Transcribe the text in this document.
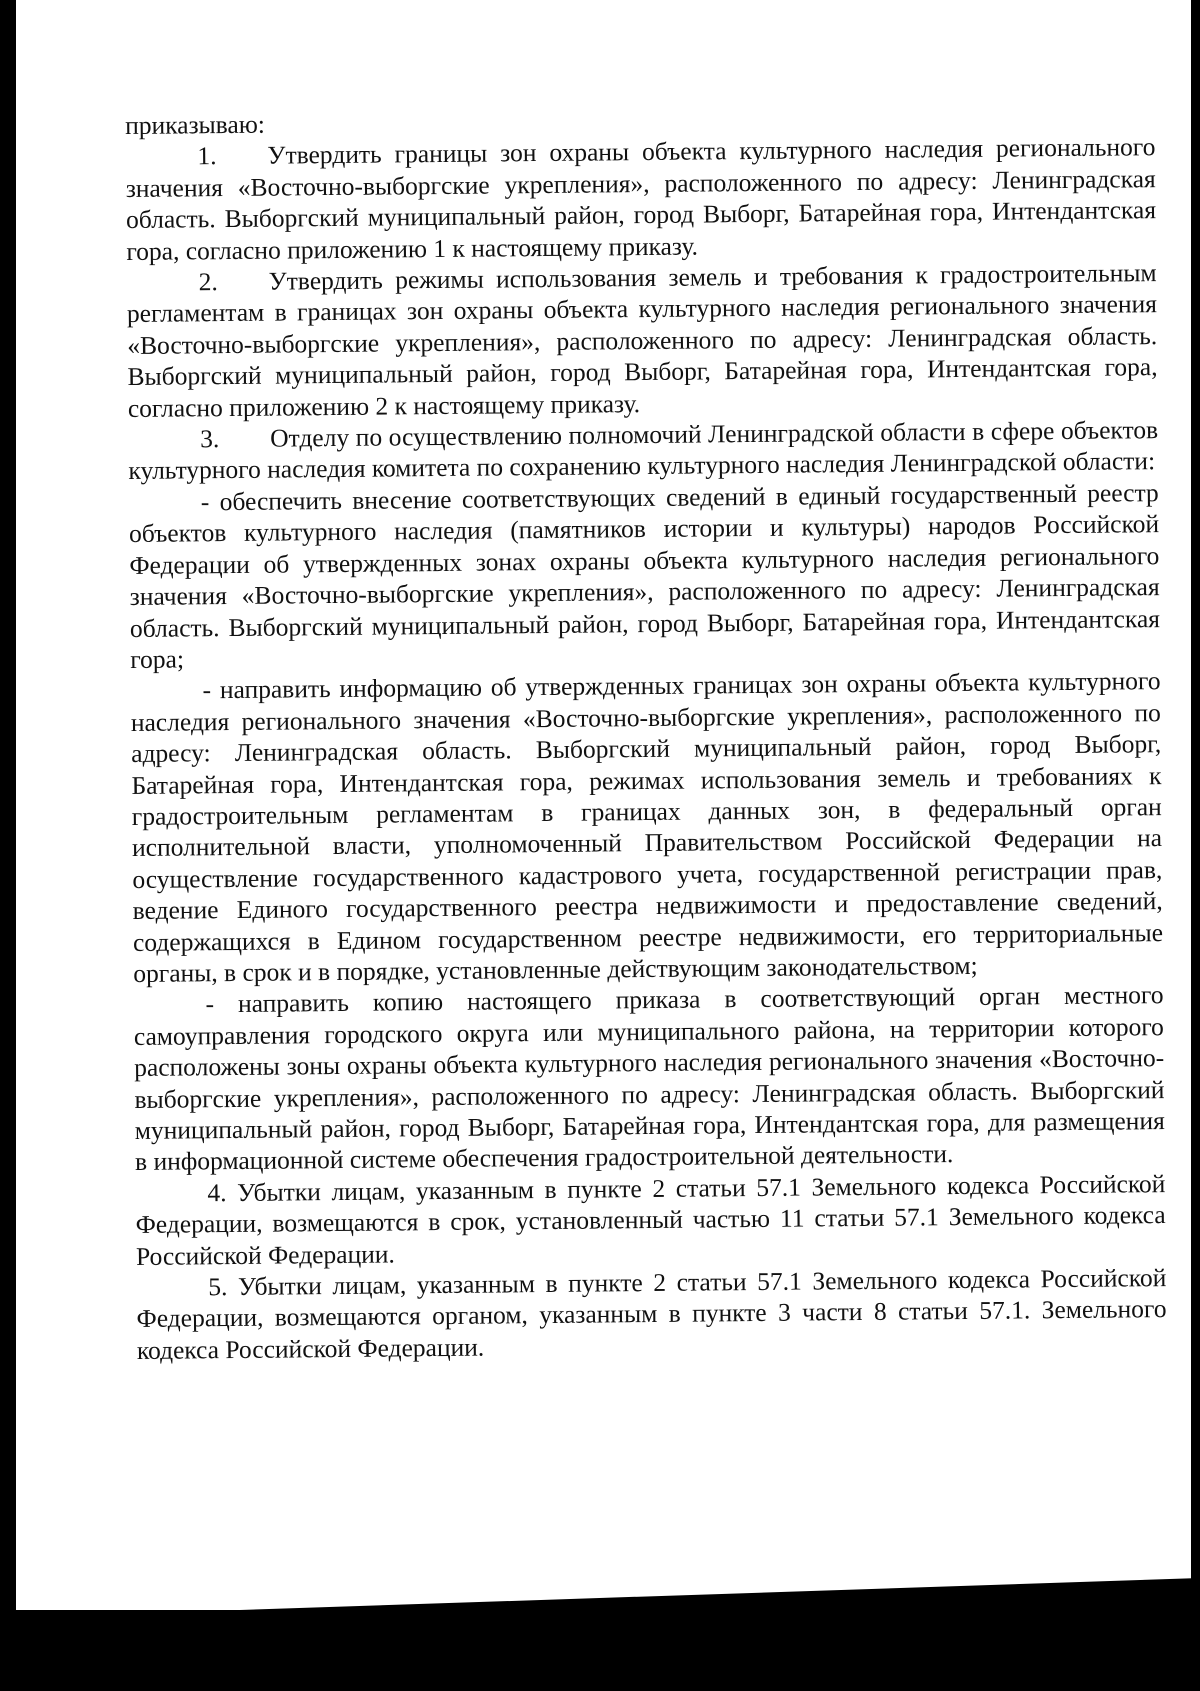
приказываю:

1. Утвердить границы зон охраны объекта культурного наследия регионального значения «Восточно-выборгские укрепления», расположенного по адресу: Ленинградская область. Выборгский муниципальный район, город Выборг, Батарейная гора, Интендантская гора, согласно приложению 1 к настоящему приказу.

2. Утвердить режимы использования земель и требования к градостроительным регламентам в границах зон охраны объекта культурного наследия регионального значения «Восточно-выборгские укрепления», расположенного по адресу: Ленинградская область. Выборгский муниципальный район, город Выборг, Батарейная гора, Интендантская гора, согласно приложению 2 к настоящему приказу.

3. Отделу по осуществлению полномочий Ленинградской области в сфере объектов культурного наследия комитета по сохранению культурного наследия Ленинградской области:

- обеспечить внесение соответствующих сведений в единый государственный реестр объектов культурного наследия (памятников истории и культуры) народов Российской Федерации об утвержденных зонах охраны объекта культурного наследия регионального значения «Восточно-выборгские укрепления», расположенного по адресу: Ленинградская область. Выборгский муниципальный район, город Выборг, Батарейная гора, Интендантская гора;

- направить информацию об утвержденных границах зон охраны объекта культурного наследия регионального значения «Восточно-выборгские укрепления», расположенного по адресу: Ленинградская область. Выборгский муниципальный район, город Выборг, Батарейная гора, Интендантская гора, режимах использования земель и требованиях к градостроительным регламентам в границах данных зон, в федеральный орган исполнительной власти, уполномоченный Правительством Российской Федерации на осуществление государственного кадастрового учета, государственной регистрации прав, ведение Единого государственного реестра недвижимости и предоставление сведений, содержащихся в Едином государственном реестре недвижимости, его территориальные органы, в срок и в порядке, установленные действующим законодательством;

- направить копию настоящего приказа в соответствующий орган местного самоуправления городского округа или муниципального района, на территории которого расположены зоны охраны объекта культурного наследия регионального значения «Восточно-выборгские укрепления», расположенного по адресу: Ленинградская область. Выборгский муниципальный район, город Выборг, Батарейная гора, Интендантская гора, для размещения в информационной системе обеспечения градостроительной деятельности.

4. Убытки лицам, указанным в пункте 2 статьи 57.1 Земельного кодекса Российской Федерации, возмещаются в срок, установленный частью 11 статьи 57.1 Земельного кодекса Российской Федерации.

5. Убытки лицам, указанным в пункте 2 статьи 57.1 Земельного кодекса Российской Федерации, возмещаются органом, указанным в пункте 3 части 8 статьи 57.1. Земельного кодекса Российской Федерации.
